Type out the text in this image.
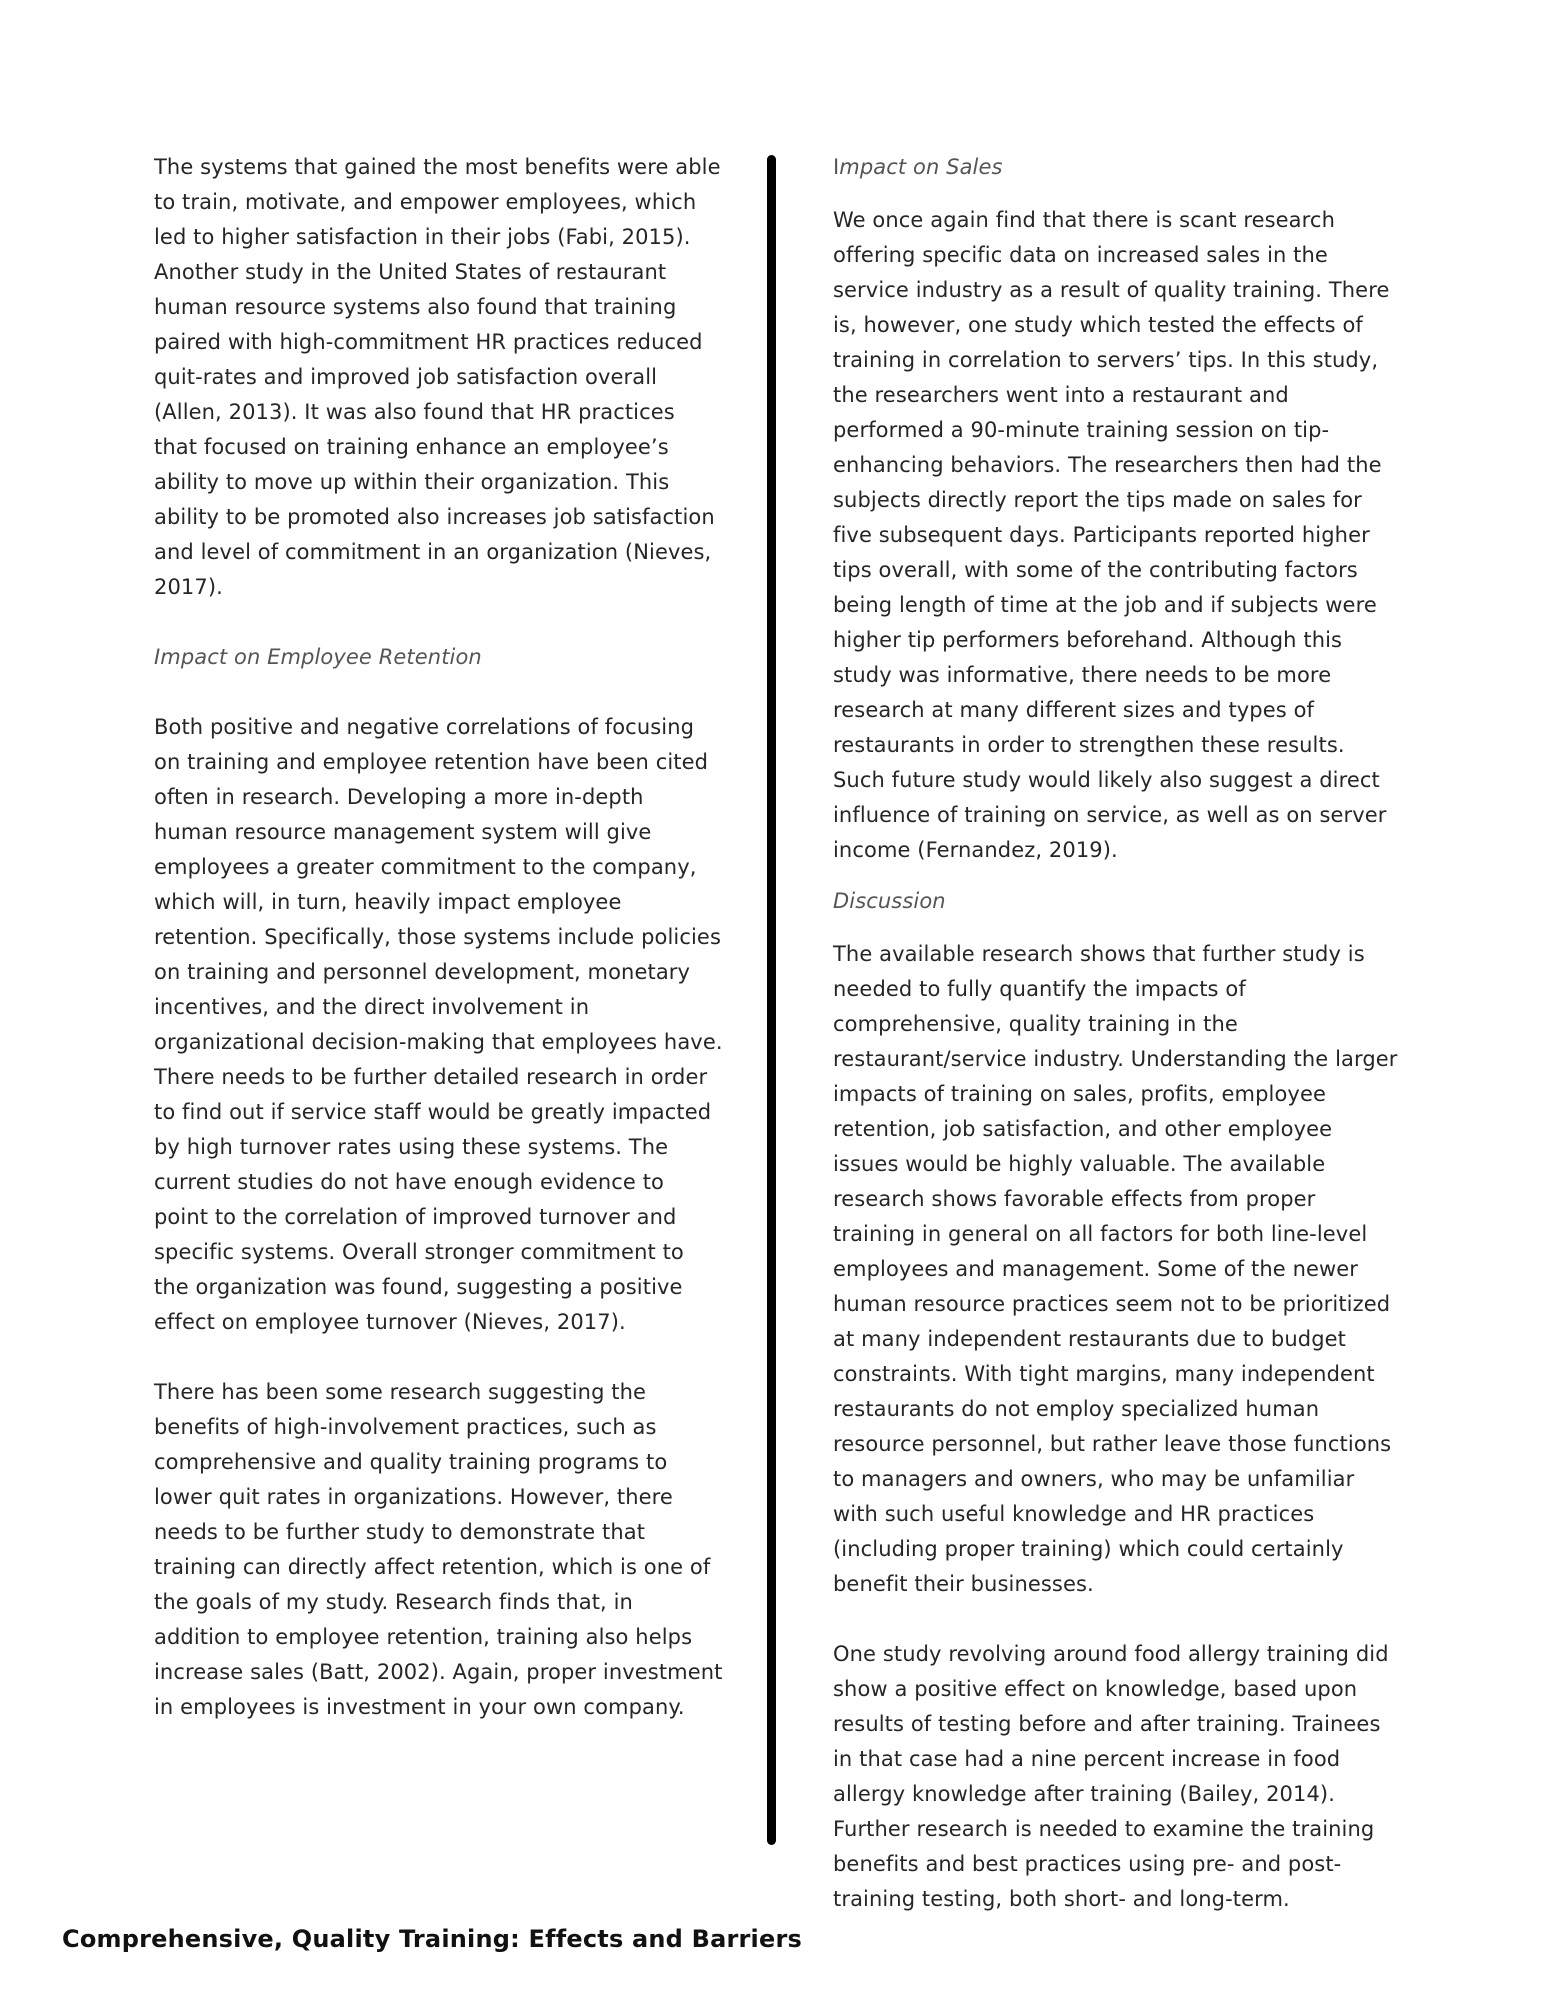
The systems that gained the most benefits were able to train, motivate, and empower employees, which led to higher satisfaction in their jobs (Fabi, 2015). Another study in the United States of restaurant human resource systems also found that training paired with high-commitment HR practices reduced quit-rates and improved job satisfaction overall (Allen, 2013). It was also found that HR practices that focused on training enhance an employee’s ability to move up within their organization. This ability to be promoted also increases job satisfaction and level of commitment in an organization (Nieves, 2017).

Impact on Employee Retention

Both positive and negative correlations of focusing on training and employee retention have been cited often in research. Developing a more in-depth human resource management system will give employees a greater commitment to the company, which will, in turn, heavily impact employee retention. Specifically, those systems include policies on training and personnel development, monetary incentives, and the direct involvement in organizational decision-making that employees have. There needs to be further detailed research in order to find out if service staff would be greatly impacted by high turnover rates using these systems. The current studies do not have enough evidence to point to the correlation of improved turnover and specific systems. Overall stronger commitment to the organization was found, suggesting a positive effect on employee turnover (Nieves, 2017).

There has been some research suggesting the benefits of high-involvement practices, such as comprehensive and quality training programs to lower quit rates in organizations. However, there needs to be further study to demonstrate that training can directly affect retention, which is one of the goals of my study. Research finds that, in addition to employee retention, training also helps increase sales (Batt, 2002). Again, proper investment in employees is investment in your own company.

Impact on Sales

We once again find that there is scant research offering specific data on increased sales in the service industry as a result of quality training. There is, however, one study which tested the effects of training in correlation to servers’ tips. In this study, the researchers went into a restaurant and performed a 90-minute training session on tip-enhancing behaviors. The researchers then had the subjects directly report the tips made on sales for five subsequent days. Participants reported higher tips overall, with some of the contributing factors being length of time at the job and if subjects were higher tip performers beforehand. Although this study was informative, there needs to be more research at many different sizes and types of restaurants in order to strengthen these results. Such future study would likely also suggest a direct influence of training on service, as well as on server income (Fernandez, 2019).

Discussion

The available research shows that further study is needed to fully quantify the impacts of comprehensive, quality training in the restaurant/service industry. Understanding the larger impacts of training on sales, profits, employee retention, job satisfaction, and other employee issues would be highly valuable. The available research shows favorable effects from proper training in general on all factors for both line-level employees and management. Some of the newer human resource practices seem not to be prioritized at many independent restaurants due to budget constraints. With tight margins, many independent restaurants do not employ specialized human resource personnel, but rather leave those functions to managers and owners, who may be unfamiliar with such useful knowledge and HR practices (including proper training) which could certainly benefit their businesses.

One study revolving around food allergy training did show a positive effect on knowledge, based upon results of testing before and after training. Trainees in that case had a nine percent increase in food allergy knowledge after training (Bailey, 2014). Further research is needed to examine the training benefits and best practices using pre- and post-training testing, both short- and long-term.

Comprehensive, Quality Training: Effects and Barriers
